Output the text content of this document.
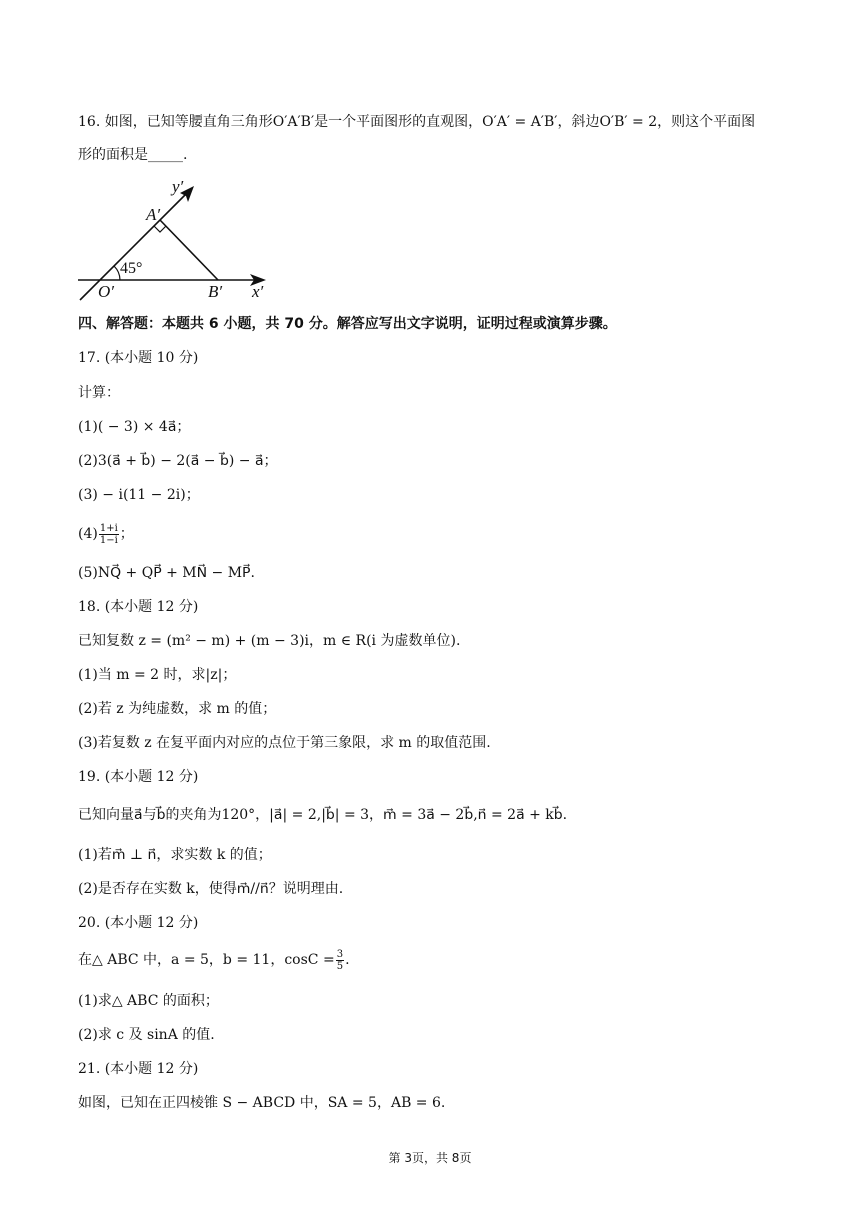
16. 如图，已知等腰直角三角形O′A′B′是一个平面图形的直观图，O′A′ = A′B′，斜边O′B′ = 2，则这个平面图
形的面积是_____.
y′
A′
45°
O′	B′ x′
四、解答题：本题共 6 小题，共 70 分。解答应写出文字说明，证明过程或演算步骤。
17. (本小题 10 分)
计算：
(1)( − 3) × 4a⃗；
(2)3(a⃗ + b⃗) − 2(a⃗ − b⃗) − a⃗；
(3) − i(11 − 2i)；
$(4) \frac{1+i}{1-i}$ ；
(5)NQ⃗ + QP⃗ + MN⃗ − MP⃗.
18. (本小题 12 分)
已知复数 z = (m² − m) + (m − 3)i，m ∈ R(i 为虚数单位).
(1)当 m = 2 时，求|z|；
(2)若 z 为纯虚数，求 m 的值；
(3)若复数 z 在复平面内对应的点位于第三象限，求 m 的取值范围.
19. (本小题 12 分)
已知向量a⃗与b⃗的夹角为120°，|a⃗| = 2,|b⃗| = 3，m⃗ = 3a⃗ − 2b⃗,n⃗ = 2a⃗ + kb⃗.
(1)若m⃗ ⊥ n⃗，求实数 k 的值；
(2)是否存在实数 k，使得m⃗//n⃗？说明理由.
20. (本小题 12 分)
在△ ABC 中，a = 5，b = 11，$\cos C = \frac{3}{5}$ .
(1)求△ ABC 的面积；
(2)求 c 及 sinA 的值.
21. (本小题 12 分)
如图，已知在正四棱锥 S − ABCD 中，SA = 5，AB = 6.
第 3页，共 8页
